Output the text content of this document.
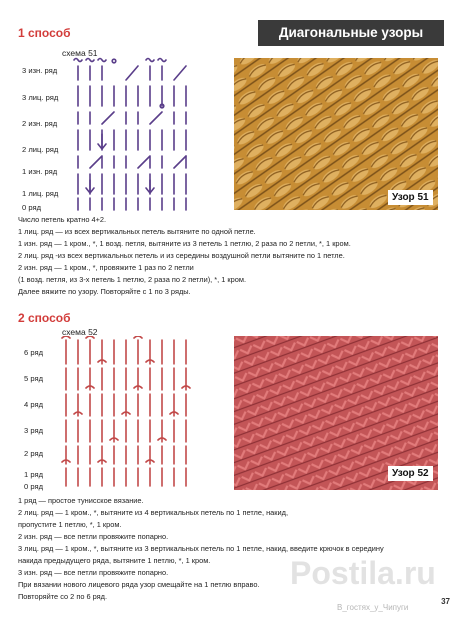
Диагональные узоры
1 способ
схема 51
3 изн. ряд
3 лиц. ряд
2 изн. ряд
2 лиц. ряд
1 изн. ряд
1 лиц. ряд
0 ряд
Узор 51
Число петель кратно 4+2.
1 лиц. ряд — из всех вертикальных петель вытяните по одной петле.
1 изн. ряд — 1 кром., *, 1 возд. петля, вытяните из 3 петель 1 петлю, 2 раза по 2 петли, *, 1 кром.
2 лиц. ряд -из всех вертикальных петель и из середины воздушной петли вытяните по 1 петле.
2 изн. ряд — 1 кром., *, провяжите 1 раз по 2 петли
(1 возд. петля, из 3-х петель 1 петлю, 2 раза по 2 петли), *, 1 кром.
Далее вяжите по узору. Повторяйте с 1 по 3 ряды.
2 способ
схема 52
6 ряд
5 ряд
4 ряд
3 ряд
2 ряд
1 ряд
0 ряд
Узор 52
1 ряд — простое тунисское вязание.
2 лиц. ряд — 1 кром., *, вытяните из 4 вертикальных петель по 1 петле, накид,
пропустите 1 петлю, *, 1 кром.
2 изн. ряд — все петли провяжите попарно.
3 лиц. ряд — 1 кром., *, вытяните из 3 вертикальных петель по 1 петле, накид, введите крючок в середину
накида предыдущего ряда, вытяните 1 петлю, *, 1 кром.
3 изн. ряд — все петли провяжите попарно.
При вязании нового лицевого ряда узор смещайте на 1 петлю вправо.
Повторяйте со 2 по 6 ряд.
Postila.ru
В_гостях_у_Чипуги
37
